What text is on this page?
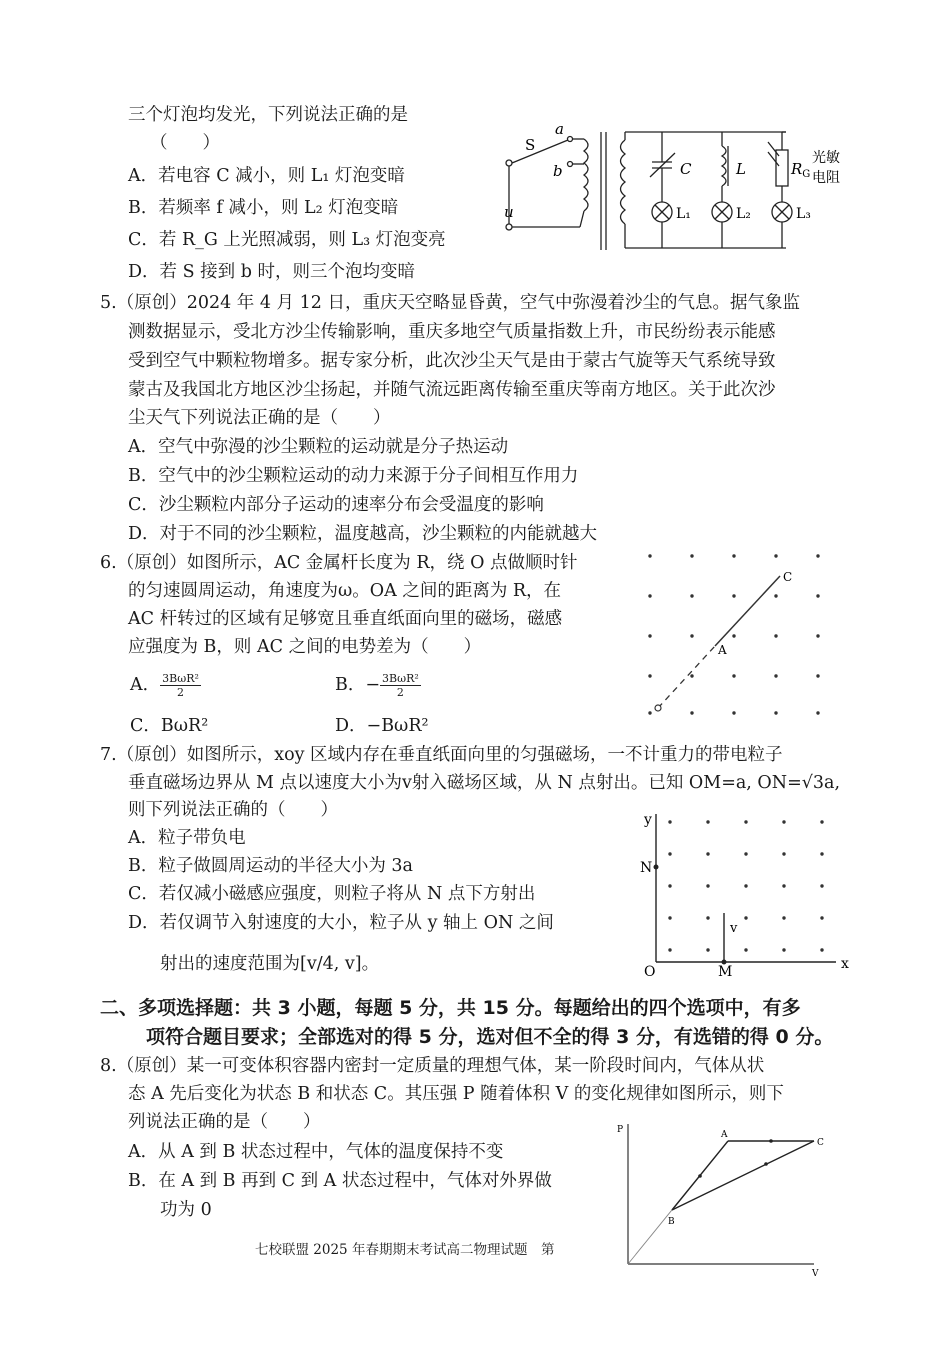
三个灯泡均发光，下列说法正确的是
（　　）
A．若电容 C 减小，则 L₁ 灯泡变暗
B．若频率 f 减小，则 L₂ 灯泡变暗
C．若 R_G 上光照减弱，则 L₃ 灯泡变亮
D．若 S 接到 b 时，则三个泡均变暗
S
a
b
u
C	L	$R_G$
光敏
电阻
L₁	L₂	L₃
5.（原创）2024 年 4 月 12 日，重庆天空略显昏黄，空气中弥漫着沙尘的气息。据气象监
测数据显示，受北方沙尘传输影响，重庆多地空气质量指数上升，市民纷纷表示能感
受到空气中颗粒物增多。据专家分析，此次沙尘天气是由于蒙古气旋等天气系统导致
蒙古及我国北方地区沙尘扬起，并随气流远距离传输至重庆等南方地区。关于此次沙
尘天气下列说法正确的是（　　）
A．空气中弥漫的沙尘颗粒的运动就是分子热运动
B．空气中的沙尘颗粒运动的动力来源于分子间相互作用力
C．沙尘颗粒内部分子运动的速率分布会受温度的影响
D．对于不同的沙尘颗粒，温度越高，沙尘颗粒的内能就越大
6.（原创）如图所示，AC 金属杆长度为 R，绕 O 点做顺时针
的匀速圆周运动，角速度为ω。OA 之间的距离为 R，在
AC 杆转过的区域有足够宽且垂直纸面向里的磁场，磁感
应强度为 B，则 AC 之间的电势差为（　　）
A． $\frac{\text{3BωR²}}{2}$	B．− $\frac{\text{3BωR²}}{2}$
C．BωR²	D．−BωR²
A
C
7.（原创）如图所示，xoy 区域内存在垂直纸面向里的匀强磁场，一不计重力的带电粒子
垂直磁场边界从 M 点以速度大小为v射入磁场区域，从 N 点射出。已知 OM=a, ON=√3a,
则下列说法正确的（　　）
A．粒子带负电
B．粒子做圆周运动的半径大小为 3a
C．若仅减小磁感应强度，则粒子将从 N 点下方射出
D．若仅调节入射速度的大小，粒子从 y 轴上 ON 之间
射出的速度范围为[v/4, v]。
y
x
O	M
N
v
二、多项选择题：共 3 小题，每题 5 分，共 15 分。每题给出的四个选项中，有多
项符合题目要求；全部选对的得 5 分，选对但不全的得 3 分，有选错的得 0 分。
8.（原创）某一可变体积容器内密封一定质量的理想气体，某一阶段时间内，气体从状
态 A 先后变化为状态 B 和状态 C。其压强 P 随着体积 V 的变化规律如图所示，则下
列说法正确的是（　　）
A．从 A 到 B 状态过程中，气体的温度保持不变
B．在 A 到 B 再到 C 到 A 状态过程中，气体对外界做
功为 0
P
V
A
B
C
七校联盟 2025 年春期期末考试高二物理试题　第
